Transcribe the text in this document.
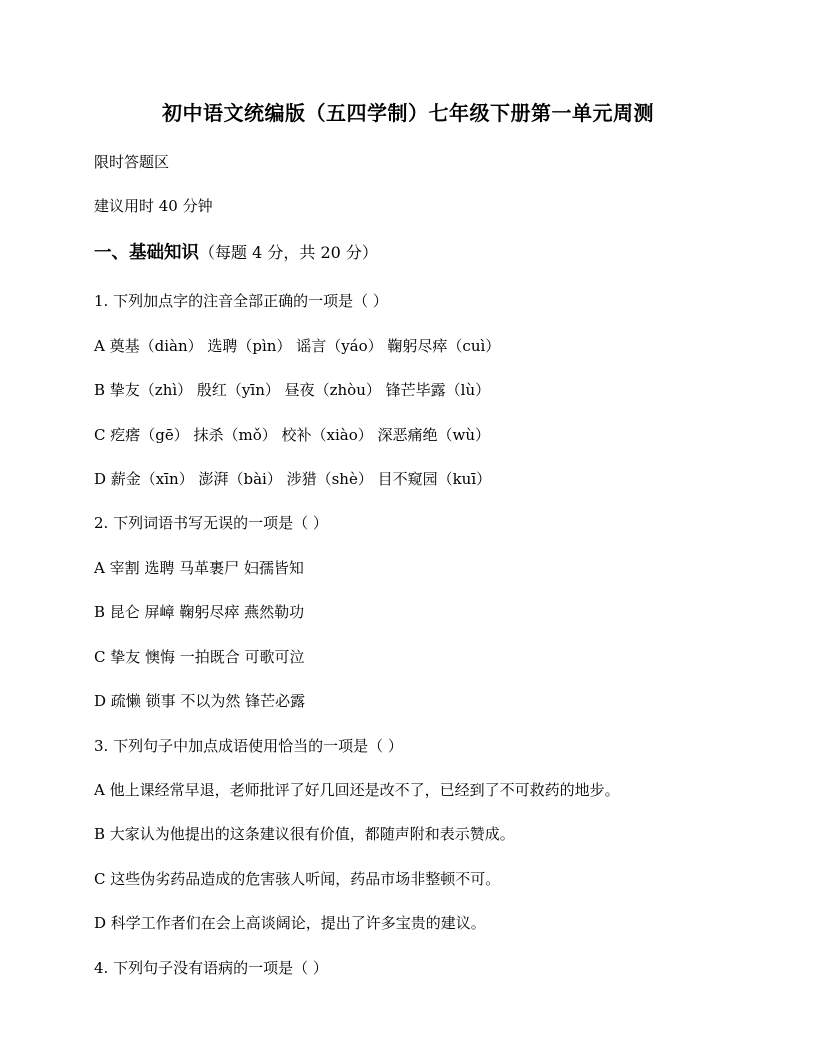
初中语文统编版（五四学制）七年级下册第一单元周测
限时答题区
建议用时 40 分钟
一、基础知识（每题 4 分，共 20 分）
1. 下列加点字的注音全部正确的一项是（ ）
A 奠基（diàn） 选聘（pìn） 谣言（yáo） 鞠躬尽瘁（cuì）
B 挚友（zhì） 殷红（yīn） 昼夜（zhòu） 锋芒毕露（lù）
C 疙瘩（gē） 抹杀（mǒ） 校补（xiào） 深恶痛绝（wù）
D 薪金（xīn） 澎湃（bài） 涉猎（shè） 目不窥园（kuī）
2. 下列词语书写无误的一项是（ ）
A 宰割 选聘 马革裹尸 妇孺皆知
B 昆仑 屏嶂 鞠躬尽瘁 燕然勒功
C 挚友 懊悔 一拍既合 可歌可泣
D 疏懒 锁事 不以为然 锋芒必露
3. 下列句子中加点成语使用恰当的一项是（ ）
A 他上课经常早退，老师批评了好几回还是改不了，已经到了不可救药的地步。
B 大家认为他提出的这条建议很有价值，都随声附和表示赞成。
C 这些伪劣药品造成的危害骇人听闻，药品市场非整顿不可。
D 科学工作者们在会上高谈阔论，提出了许多宝贵的建议。
4. 下列句子没有语病的一项是（ ）
